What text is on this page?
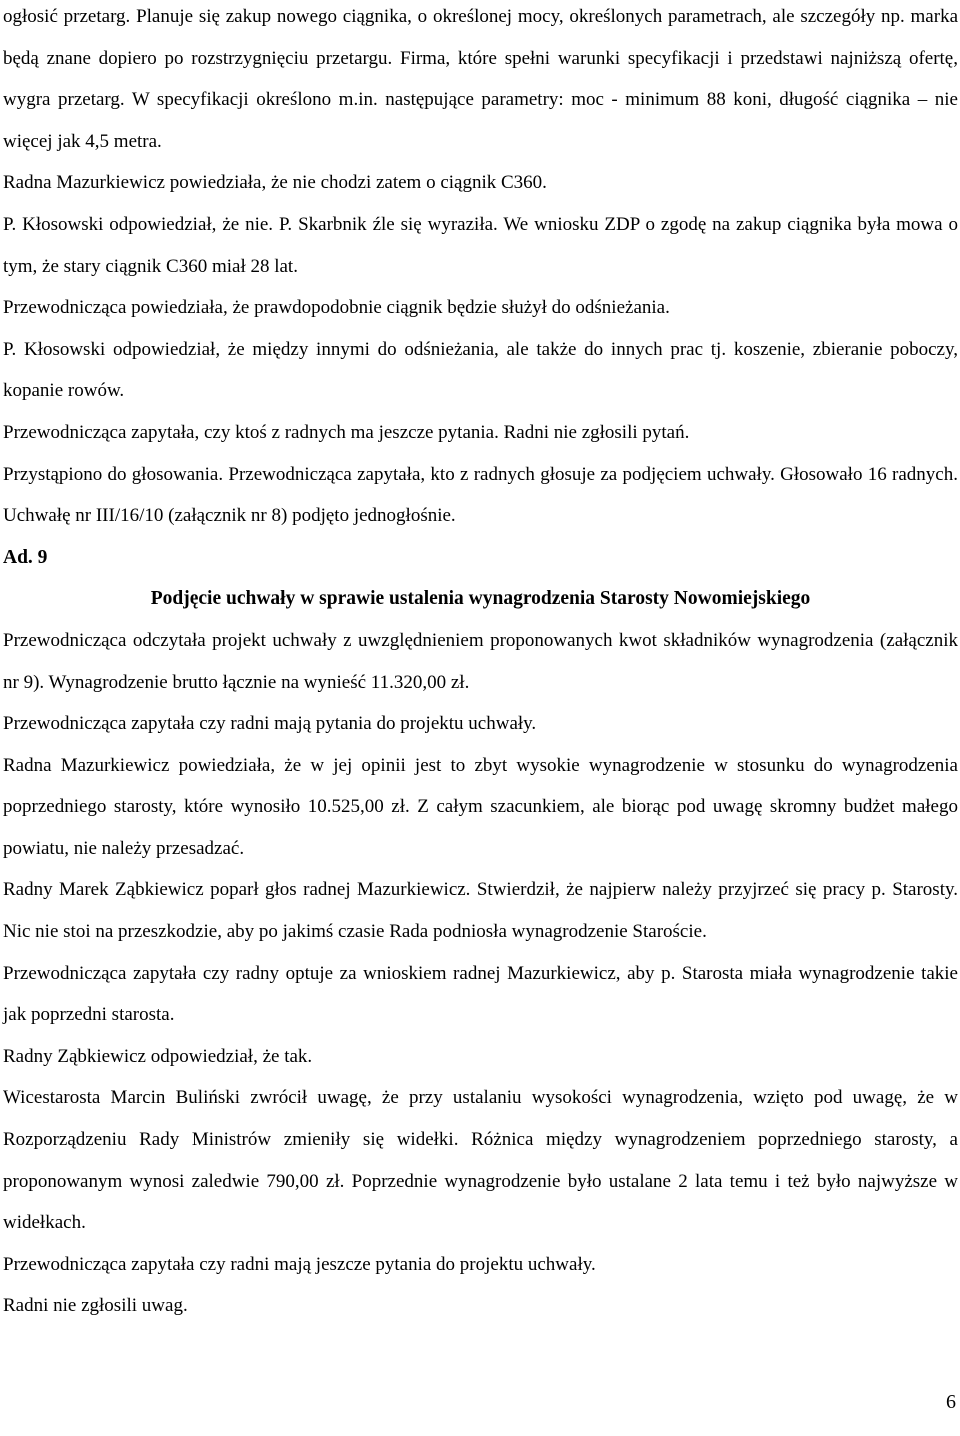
ogłosić przetarg. Planuje się zakup nowego ciągnika, o określonej mocy, określonych parametrach, ale szczegóły np. marka będą znane dopiero po rozstrzygnięciu przetargu. Firma, które spełni warunki specyfikacji i przedstawi najniższą ofertę, wygra przetarg. W specyfikacji określono m.in. następujące parametry: moc - minimum 88 koni, długość ciągnika – nie więcej jak 4,5 metra.

Radna Mazurkiewicz powiedziała, że nie chodzi zatem o ciągnik C360.

P. Kłosowski odpowiedział, że nie. P. Skarbnik źle się wyraziła. We wniosku ZDP o zgodę na zakup ciągnika była mowa o tym, że stary ciągnik C360 miał 28 lat.

Przewodnicząca powiedziała, że prawdopodobnie ciągnik będzie służył do odśnieżania.

P. Kłosowski odpowiedział, że między innymi do odśnieżania, ale także do innych prac tj. koszenie, zbieranie poboczy, kopanie rowów.

Przewodnicząca zapytała, czy ktoś z radnych ma jeszcze pytania. Radni nie zgłosili pytań.

Przystąpiono do głosowania. Przewodnicząca zapytała, kto z radnych głosuje za podjęciem uchwały. Głosowało 16 radnych. Uchwałę nr III/16/10 (załącznik nr 8) podjęto jednogłośnie.

Ad. 9

Podjęcie uchwały w sprawie ustalenia wynagrodzenia Starosty Nowomiejskiego

Przewodnicząca odczytała projekt uchwały z uwzględnieniem proponowanych kwot składników wynagrodzenia (załącznik nr 9). Wynagrodzenie brutto łącznie na wynieść 11.320,00 zł.

Przewodnicząca zapytała czy radni mają pytania do projektu uchwały.

Radna Mazurkiewicz powiedziała, że w jej opinii jest to zbyt wysokie wynagrodzenie w stosunku do wynagrodzenia poprzedniego starosty, które wynosiło 10.525,00 zł. Z całym szacunkiem, ale biorąc pod uwagę skromny budżet małego powiatu, nie należy przesadzać.

Radny Marek Ząbkiewicz poparł głos radnej Mazurkiewicz. Stwierdził, że najpierw należy przyjrzeć się pracy p. Starosty. Nic nie stoi na przeszkodzie, aby po jakimś czasie Rada podniosła wynagrodzenie Staroście.

Przewodnicząca zapytała czy radny optuje za wnioskiem radnej Mazurkiewicz, aby p. Starosta miała wynagrodzenie takie jak poprzedni starosta.

Radny Ząbkiewicz odpowiedział, że tak.

Wicestarosta Marcin Buliński zwrócił uwagę, że przy ustalaniu wysokości wynagrodzenia, wzięto pod uwagę, że w Rozporządzeniu Rady Ministrów zmieniły się widełki. Różnica między wynagrodzeniem poprzedniego starosty, a proponowanym wynosi zaledwie 790,00 zł. Poprzednie wynagrodzenie było ustalane 2 lata temu i też było najwyższe w widełkach.

Przewodnicząca zapytała czy radni mają jeszcze pytania do projektu uchwały.

Radni nie zgłosili uwag.

6
